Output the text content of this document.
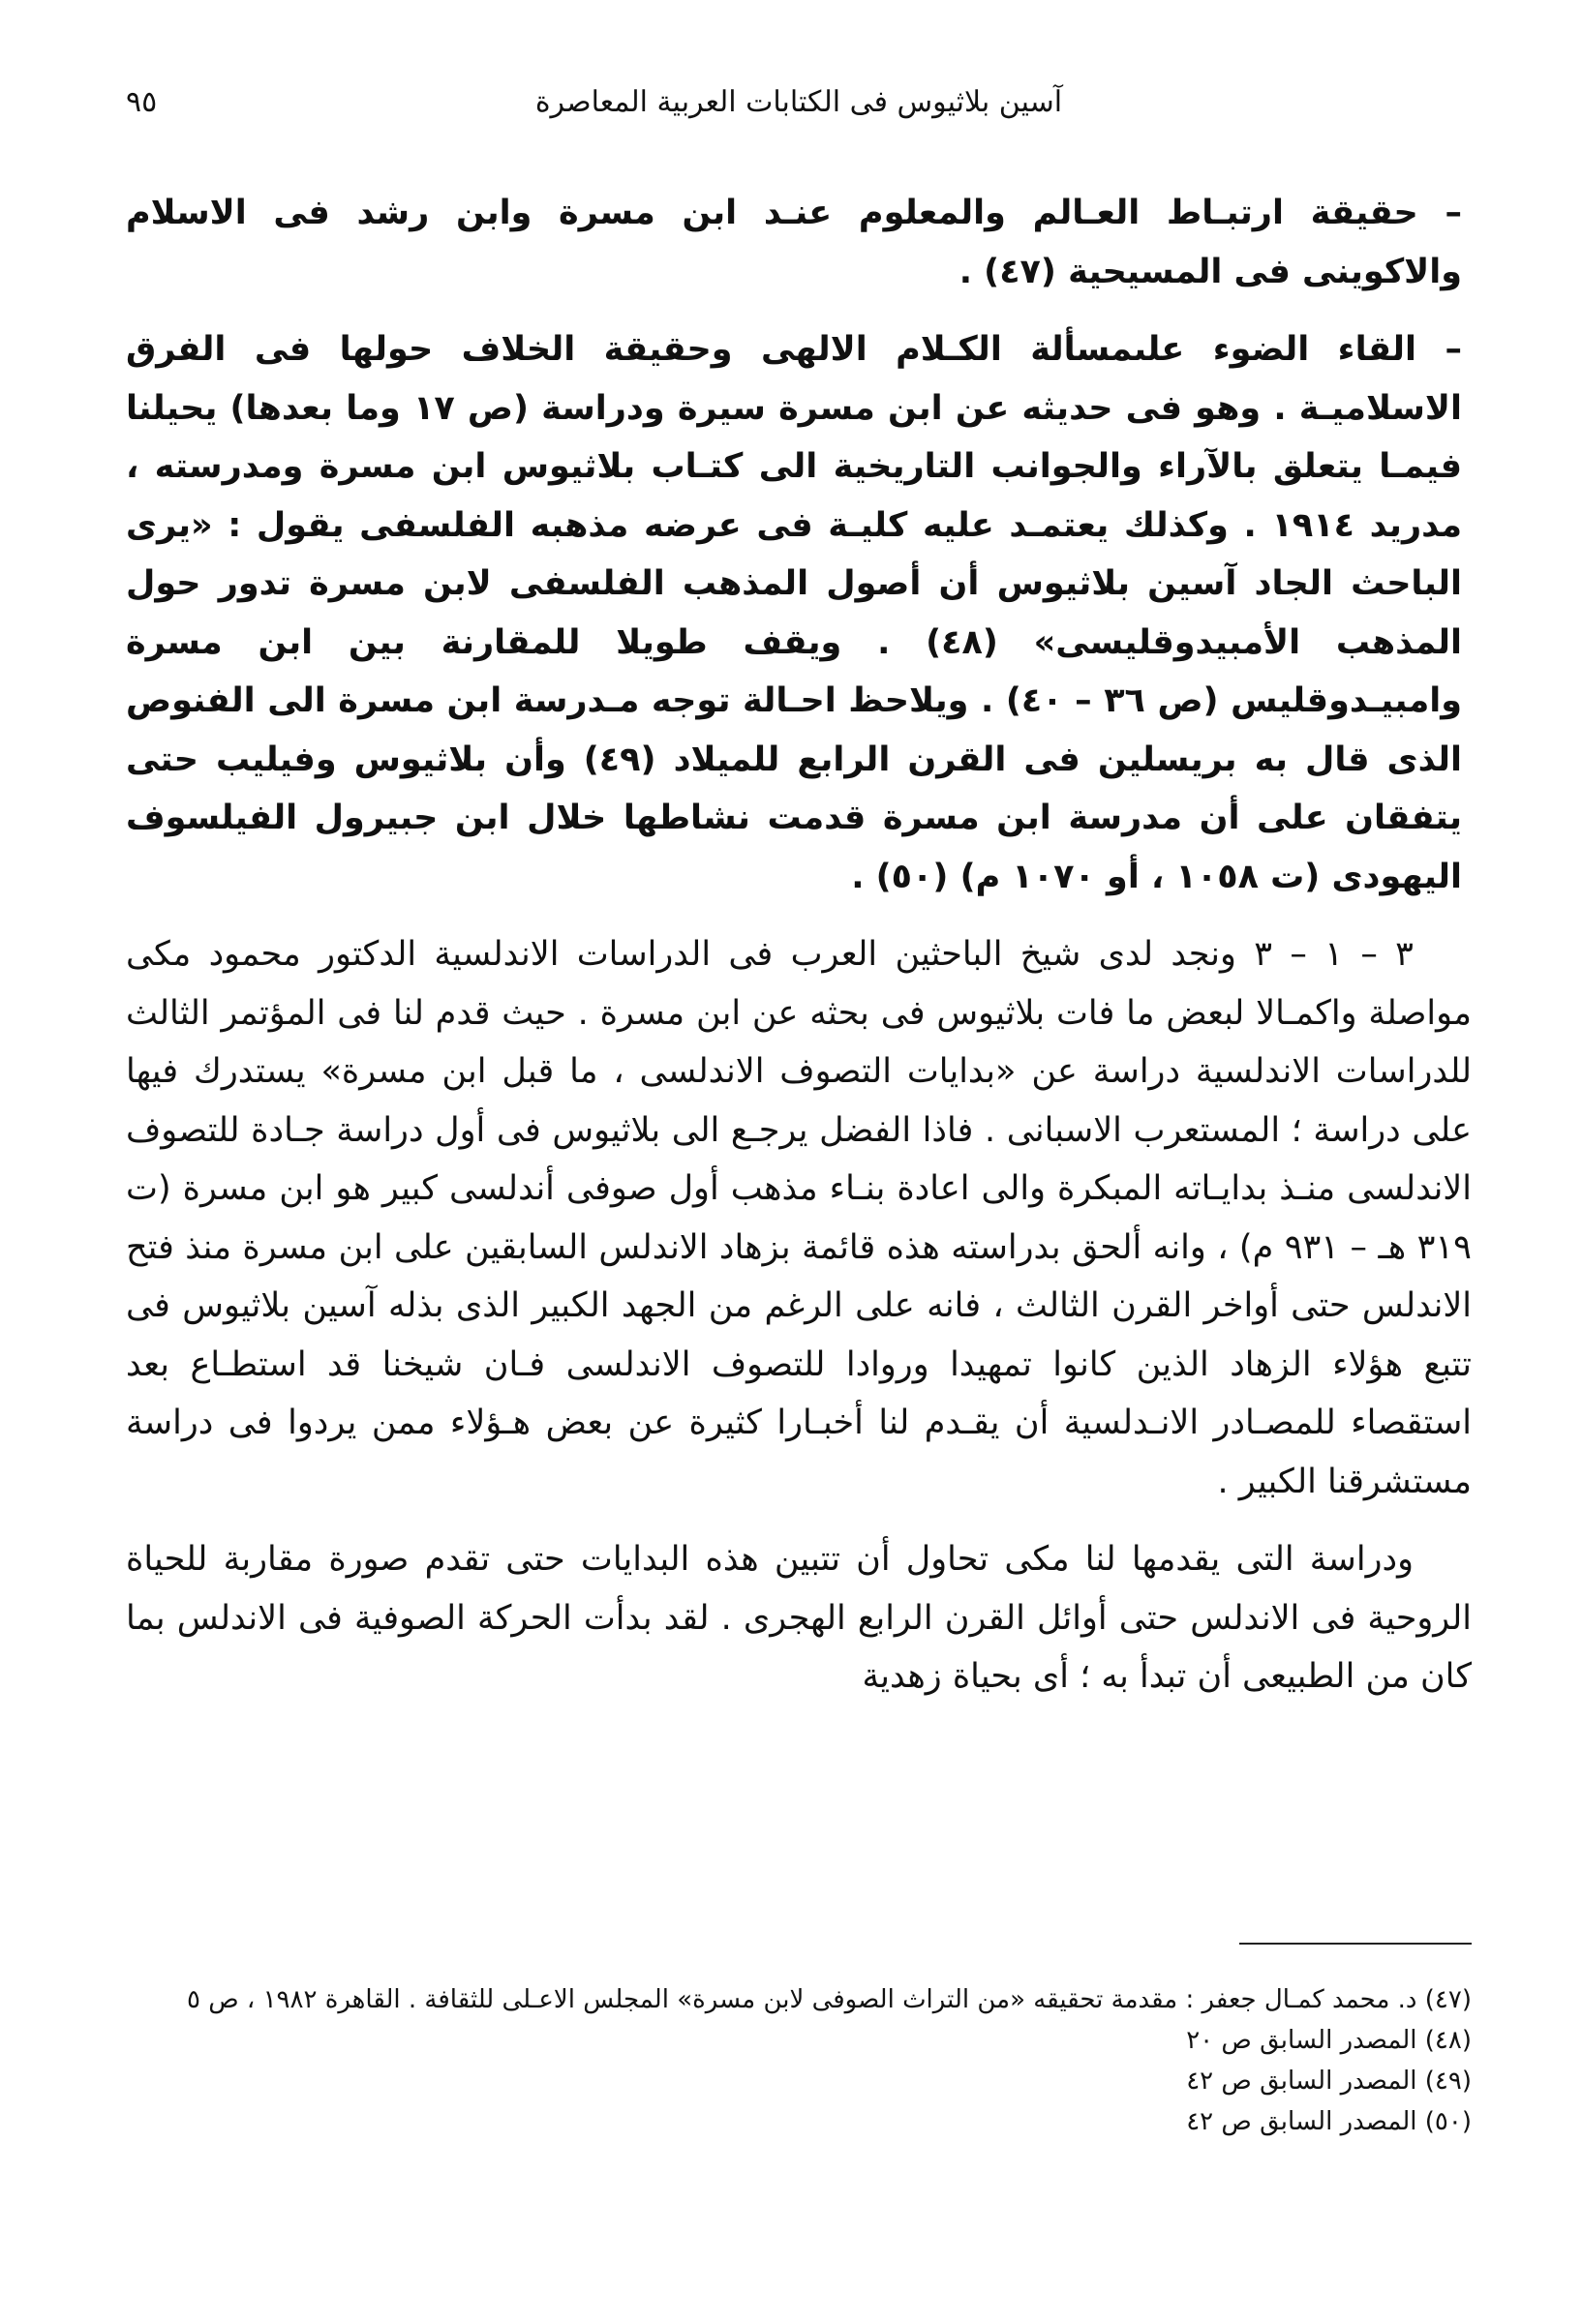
آسين بلاثيوس فى الكتابات العربية المعاصرة
٩٥

– حقيقة ارتبـاط العـالم والمعلوم عنـد ابن مسرة وابن رشد فى الاسلام والاكوينى فى المسيحية (٤٧) .

– القاء الضوء علىمسألة الكـلام الالهى وحقيقة الخلاف حولها فى الفرق الاسلاميـة . وهو فى حديثه عن ابن مسرة سيرة ودراسة (ص ١٧ وما بعدها) يحيلنا فيمـا يتعلق بالآراء والجوانب التاريخية الى كتـاب بلاثيوس ابن مسرة ومدرسته ، مدريد ١٩١٤ . وكذلك يعتمـد عليه كليـة فى عرضه مذهبه الفلسفى يقول : «يرى الباحث الجاد آسين بلاثيوس أن أصول المذهب الفلسفى لابن مسرة تدور حول المذهب الأمبيدوقليسى» (٤٨) . ويقف طويلا للمقارنة بين ابن مسرة وامبيـدوقليس (ص ٣٦ – ٤٠) . ويلاحظ احـالة توجه مـدرسة ابن مسرة الى الفنوص الذى قال به بريسلين فى القرن الرابع للميلاد (٤٩) وأن بلاثيوس وفيليب حتى يتفقان على أن مدرسة ابن مسرة قدمت نشاطها خلال ابن جبيرول الفيلسوف اليهودى (ت ١٠٥٨ ، أو ١٠٧٠ م) (٥٠) .

٣ – ١ – ٣ ونجد لدى شيخ الباحثين العرب فى الدراسات الاندلسية الدكتور محمود مكى مواصلة واكمـالا لبعض ما فات بلاثيوس فى بحثه عن ابن مسرة . حيث قدم لنا فى المؤتمر الثالث للدراسات الاندلسية دراسة عن «بدايات التصوف الاندلسى ، ما قبل ابن مسرة» يستدرك فيها على دراسة ؛ المستعرب الاسبانى . فاذا الفضل يرجـع الى بلاثيوس فى أول دراسة جـادة للتصوف الاندلسى منـذ بدايـاته المبكرة والى اعادة بنـاء مذهب أول صوفى أندلسى كبير هو ابن مسرة (ت ٣١٩ هـ – ٩٣١ م) ، وانه ألحق بدراسته هذه قائمة بزهاد الاندلس السابقين على ابن مسرة منذ فتح الاندلس حتى أواخر القرن الثالث ، فانه على الرغم من الجهد الكبير الذى بذله آسين بلاثيوس فى تتبع هؤلاء الزهاد الذين كانوا تمهيدا وروادا للتصوف الاندلسى فـان شيخنا قد استطـاع بعد استقصاء للمصـادر الانـدلسية أن يقـدم لنا أخبـارا كثيرة عن بعض هـؤلاء ممن يردوا فى دراسة مستشرقنا الكبير .

ودراسة التى يقدمها لنا مكى تحاول أن تتبين هذه البدايات حتى تقدم صورة مقاربة للحياة الروحية فى الاندلس حتى أوائل القرن الرابع الهجرى . لقد بدأت الحركة الصوفية فى الاندلس بما كان من الطبيعى أن تبدأ به ؛ أى بحياة زهدية

(٤٧) د. محمد كمـال جعفر : مقدمة تحقيقه «من التراث الصوفى لابن مسرة» المجلس الاعـلى للثقافة . القاهرة ١٩٨٢ ، ص ٥
(٤٨) المصدر السابق ص ٢٠
(٤٩) المصدر السابق ص ٤٢
(٥٠) المصدر السابق ص ٤٢
